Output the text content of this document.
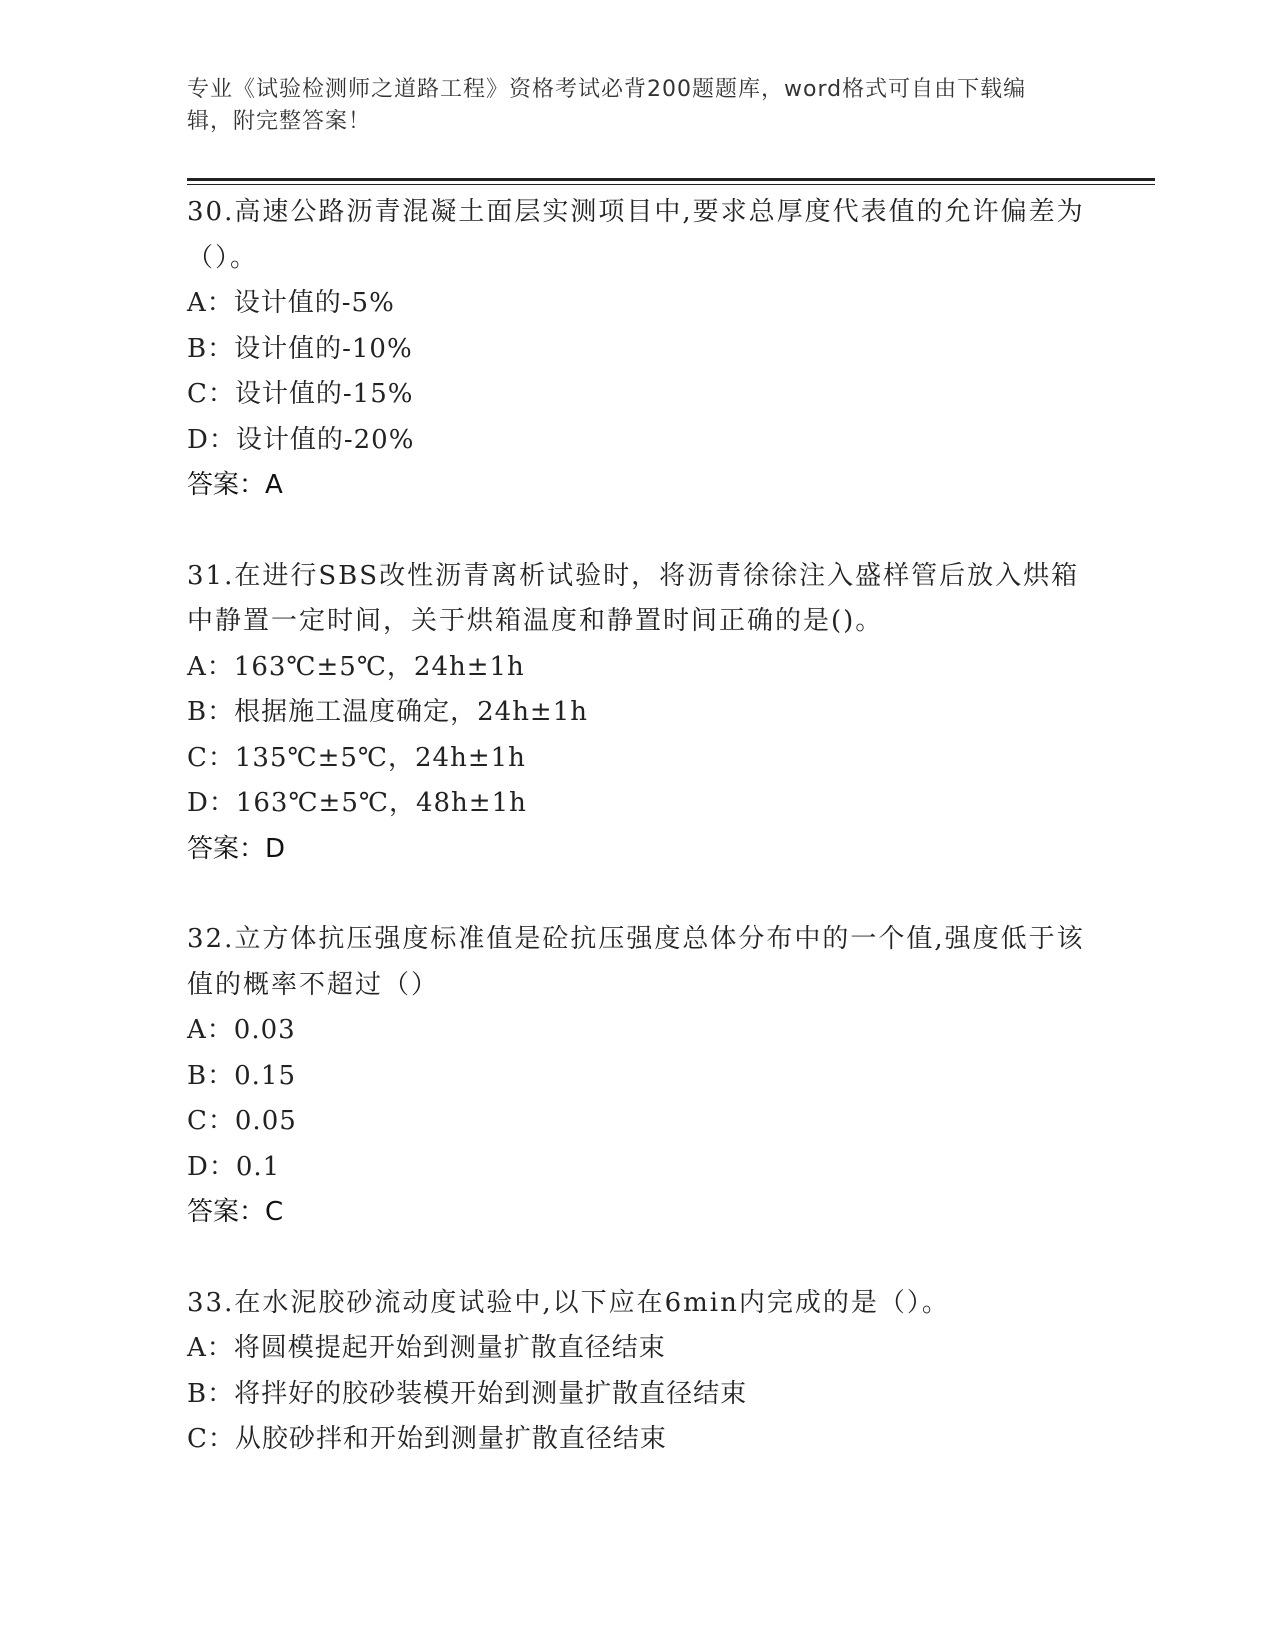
专业《试验检测师之道路工程》资格考试必背200题题库，word格式可自由下载编辑，附完整答案！

30.高速公路沥青混凝土面层实测项目中,要求总厚度代表值的允许偏差为（）。

A：设计值的-5%

B：设计值的-10%

C：设计值的-15%

D：设计值的-20%

答案：A

31.在进行SBS改性沥青离析试验时，将沥青徐徐注入盛样管后放入烘箱中静置一定时间，关于烘箱温度和静置时间正确的是()。

A：163℃±5℃，24h±1h

B：根据施工温度确定，24h±1h

C：135℃±5℃，24h±1h

D：163℃±5℃，48h±1h

答案：D

32.立方体抗压强度标准值是砼抗压强度总体分布中的一个值,强度低于该值的概率不超过（）

A：0.03

B：0.15

C：0.05

D：0.1

答案：C

33.在水泥胶砂流动度试验中,以下应在6min内完成的是（）。

A：将圆模提起开始到测量扩散直径结束

B：将拌好的胶砂装模开始到测量扩散直径结束

C：从胶砂拌和开始到测量扩散直径结束
